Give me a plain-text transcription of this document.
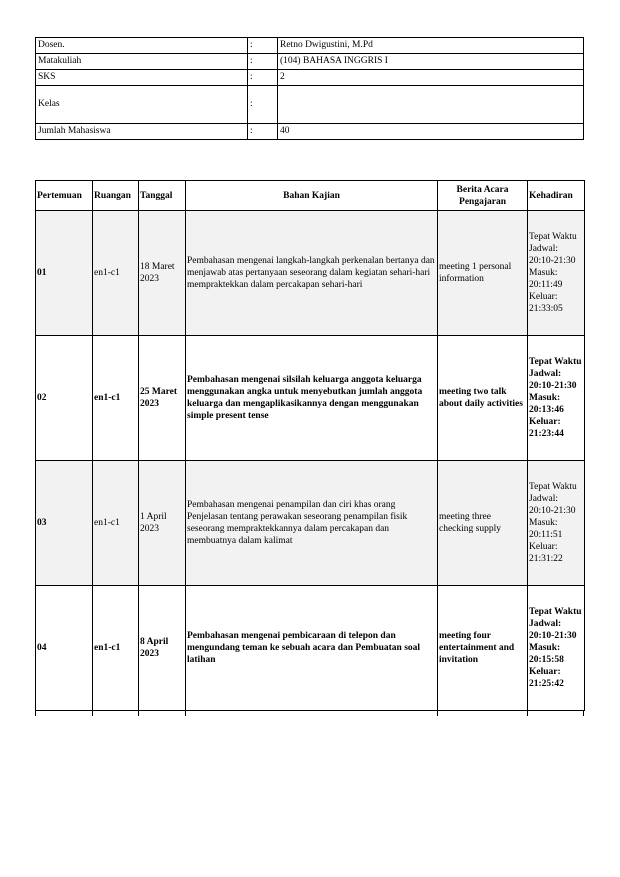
Dosen.	:	Retno Dwigustini, M.Pd
Matakuliah	:	(104) BAHASA INGGRIS I
SKS	:	2
Kelas	:	
Jumlah Mahasiswa	:	40
Pertemuan	Ruangan	Tanggal	Bahan Kajian	Berita Acara Pengajaran	Kehadiran
01	en1-c1	18 Maret 2023	Pembahasan mengenai langkah-langkah perkenalan bertanya dan menjawab atas pertanyaan seseorang dalam kegiatan sehari-hari mempraktekkan dalam percakapan sehari-hari	meeting 1 personal information	Tepat Waktu
Jadwal: 20:10-21:30
Masuk: 20:11:49
Keluar: 21:33:05

02	en1-c1	25 Maret 2023	Pembahasan mengenai silsilah keluarga anggota keluarga menggunakan angka untuk menyebutkan jumlah anggota keluarga dan mengaplikasikannya dengan menggunakan simple present tense	meeting two talk about daily activities	Tepat Waktu
Jadwal: 20:10-21:30
Masuk: 20:13:46
Keluar: 21:23:44

03	en1-c1	1 April 2023	Pembahasan mengenai penampilan dan ciri khas orang Penjelasan tentang perawakan seseorang penampilan fisik seseorang mempraktekkannya dalam percakapan dan membuatnya dalam kalimat	meeting three checking supply	Tepat Waktu
Jadwal: 20:10-21:30
Masuk: 20:11:51
Keluar: 21:31:22

04	en1-c1	8 April 2023	Pembahasan mengenai pembicaraan di telepon dan mengundang teman ke sebuah acara dan Pembuatan soal latihan	meeting four entertainment and invitation	Tepat Waktu
Jadwal: 20:10-21:30
Masuk: 20:15:58
Keluar: 21:25:42
